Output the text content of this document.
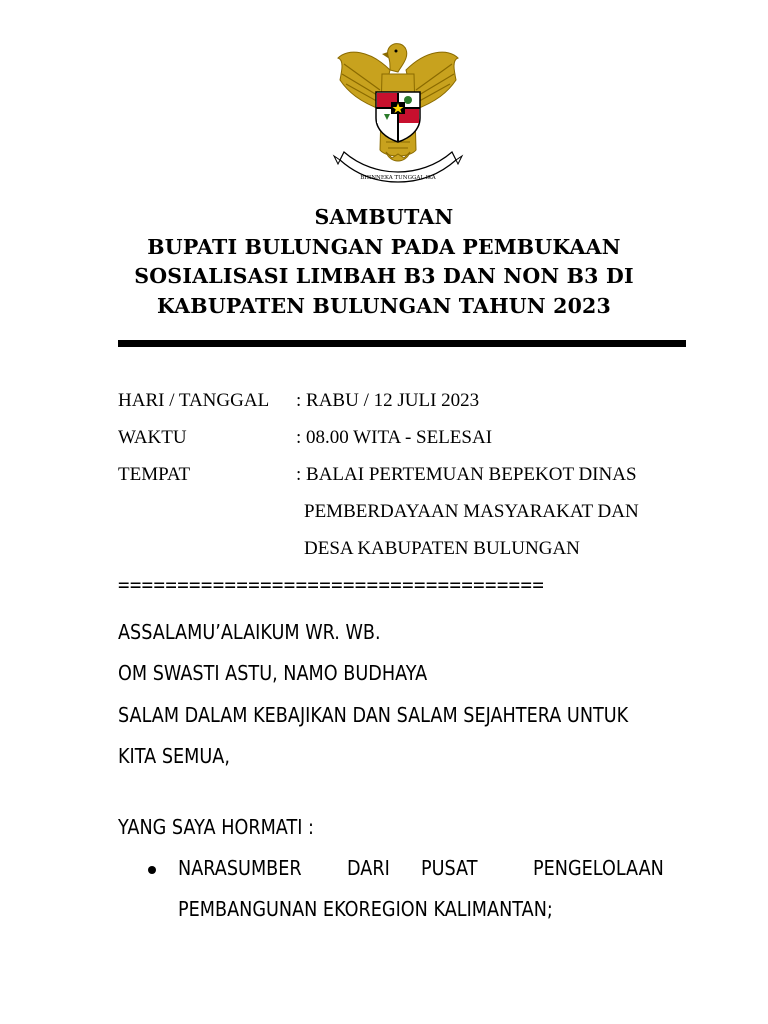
BHINNEKA TUNGGAL IKA
SAMBUTAN
BUPATI BULUNGAN PADA PEMBUKAAN
SOSIALISASI LIMBAH B3 DAN NON B3 DI
KABUPATEN BULUNGAN TAHUN 2023
HARI / TANGGAL : RABU / 12 JULI 2023
WAKTU	: 08.00 WITA - SELESAI
TEMPAT	: BALAI PERTEMUAN BEPEKOT DINAS
PEMBERDAYAAN MASYARAKAT DAN
DESA KABUPATEN BULUNGAN
====================================
ASSALAMU’ALAIKUM WR. WB.
OM SWASTI ASTU, NAMO BUDHAYA
SALAM DALAM KEBAJIKAN DAN SALAM SEJAHTERA UNTUK
KITA SEMUA,
YANG SAYA HORMATI :
NARASUMBER DARI PUSAT	PENGELOLAAN
PEMBANGUNAN EKOREGION KALIMANTAN;
